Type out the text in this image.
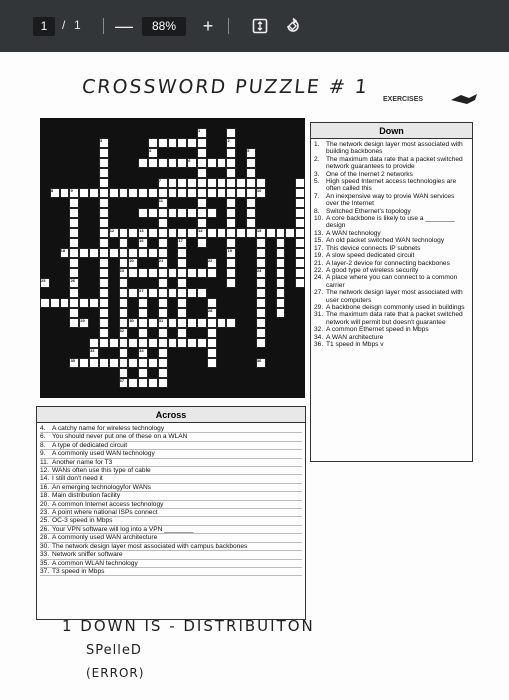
1	/ 1 —	88%	+
CROSSWORD PUZZLE # 1
EXERCISES
1
2
3
4	5
6
7
8	9	10
11
12	13	14	15
16	17
18	19
20	21	22
23	24
25	26
27
28
29	30	31
32
33	34
35	36
37
Down
1. The network design layer most associated with building backbones
2. The maximum data rate that a packet switched network guarantees to provide
3. One of the Inernet 2 networks
5. High speed Internet access technologies are often called this
7. An inexpensive way to provie WAN services over the Internet
8. Switched Ethernet's topology
10. A core backbone is likely to use a ________ design
13. A WAN technology
15. An old packet switched WAN technology
17. This device connects IP subnets
19. A slow speed dedicated circuit
21. A layer-2 device for connecting backbones
22. A good type of wireless security
24. A place where you can connect to a common carrier
27. The network design layer most associated with user computers
29. A backbone deisgn commonly used in buildings
31. The maximum data rate that a packet switched network will permit but doesn't guarantee
32. A common Ethernet speed in Mbps
34. A WAN architecture
36. T1 speed in Mbps v
Across
4. A catchy name for wireless technology
6. You should never put one of these on a WLAN
8. A type of dedicated circuit
9. A commonly used WAN technology
11. Another name for T3
12. WANs often use this type of cable
14. I still don't need it
16. An emerging technologyfor WANs
18. Main distribution facility
20. A common Internet access technology
23. A point where national ISPs connect
25. OC-3 speed in Mbps
26. Your VPN software will log into a VPN ________
28. A commonly used WAN architecture
30. The network design layer most associated with campus backbones
33. Network sniffer software
35. A common WLAN technology
37. T3 speed in Mbps
1 DOWN IS - DISTRIBUITON
SPelleD
(ERROR)
